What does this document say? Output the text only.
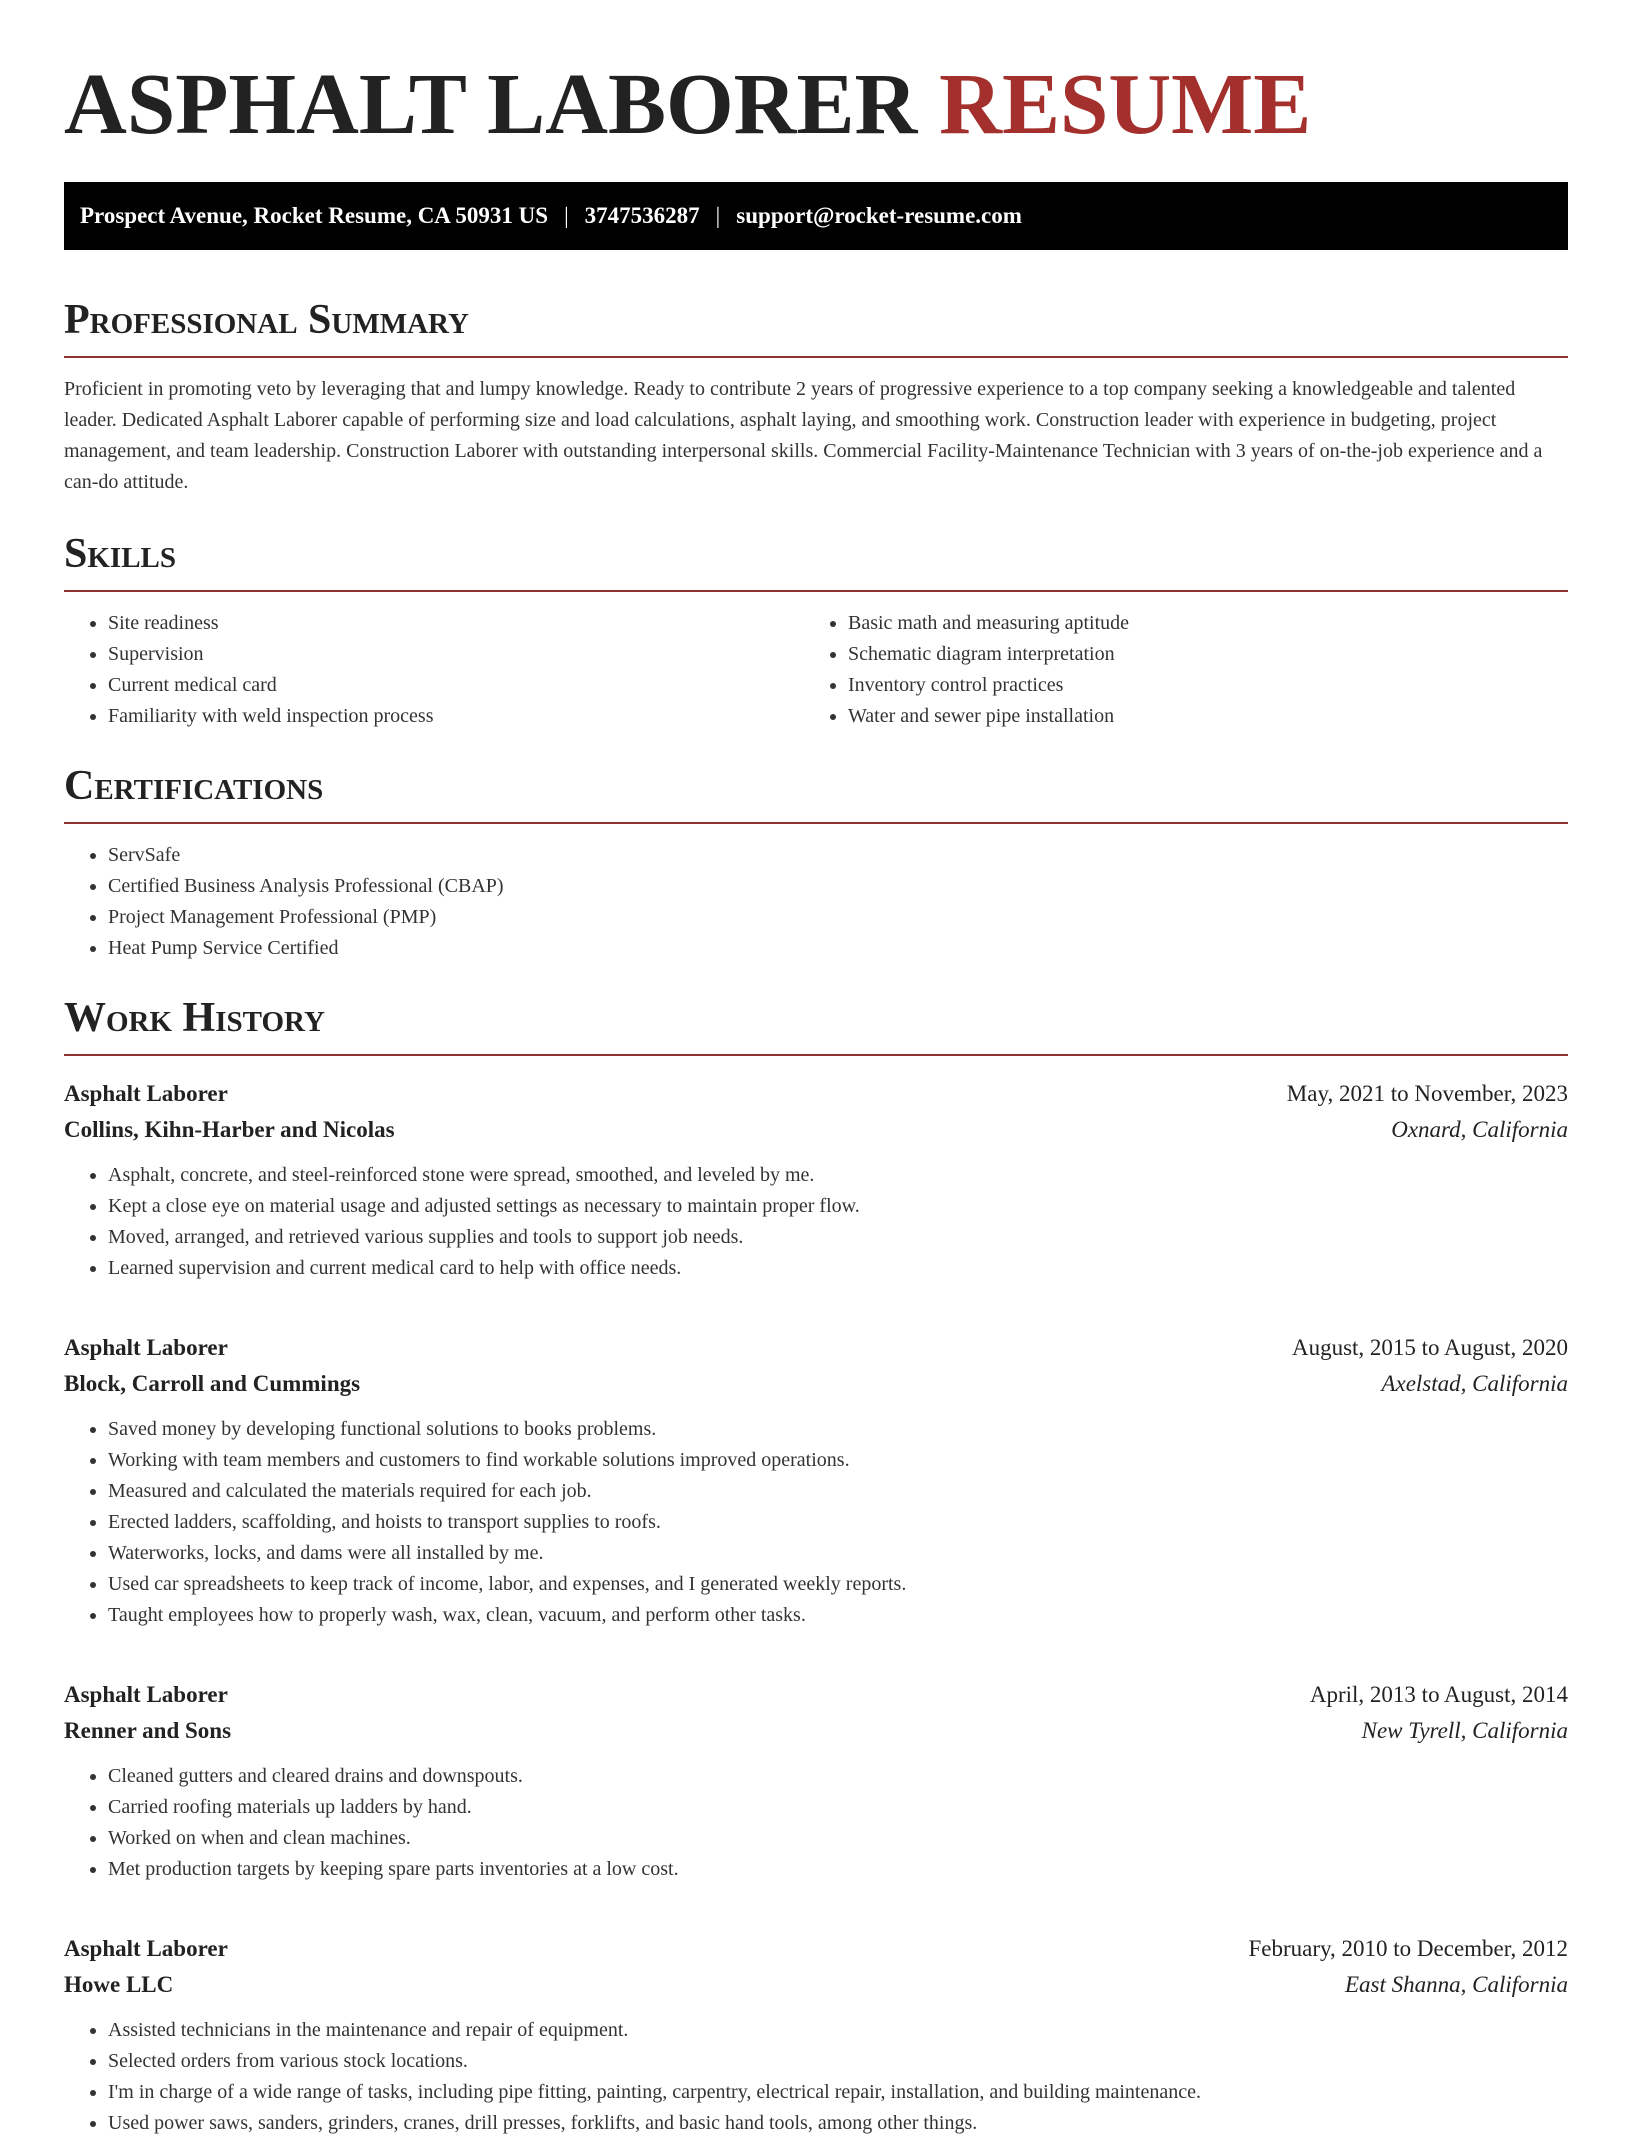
ASPHALT LABORER RESUME
Prospect Avenue, Rocket Resume, CA 50931 US | 3747536287 | support@rocket-resume.com
Professional Summary

Proficient in promoting veto by leveraging that and lumpy knowledge. Ready to contribute 2 years of progressive experience to a top company seeking a knowledgeable and talented leader. Dedicated Asphalt Laborer capable of performing size and load calculations, asphalt laying, and smoothing work. Construction leader with experience in budgeting, project management, and team leadership. Construction Laborer with outstanding interpersonal skills. Commercial Facility-Maintenance Technician with 3 years of on-the-job experience and a can-do attitude.

Skills
• Site readiness
• Supervision
• Current medical card
• Familiarity with weld inspection process
• Basic math and measuring aptitude
• Schematic diagram interpretation
• Inventory control practices
• Water and sewer pipe installation
Certifications
• ServSafe
• Certified Business Analysis Professional (CBAP)
• Project Management Professional (PMP)
• Heat Pump Service Certified
Work History
Asphalt Laborer	May, 2021 to November, 2023
Collins, Kihn-Harber and Nicolas	Oxnard, California
• Asphalt, concrete, and steel-reinforced stone were spread, smoothed, and leveled by me.
• Kept a close eye on material usage and adjusted settings as necessary to maintain proper flow.
• Moved, arranged, and retrieved various supplies and tools to support job needs.
• Learned supervision and current medical card to help with office needs.
Asphalt Laborer	August, 2015 to August, 2020
Block, Carroll and Cummings	Axelstad, California
• Saved money by developing functional solutions to books problems.
• Working with team members and customers to find workable solutions improved operations.
• Measured and calculated the materials required for each job.
• Erected ladders, scaffolding, and hoists to transport supplies to roofs.
• Waterworks, locks, and dams were all installed by me.
• Used car spreadsheets to keep track of income, labor, and expenses, and I generated weekly reports.
• Taught employees how to properly wash, wax, clean, vacuum, and perform other tasks.
Asphalt Laborer	April, 2013 to August, 2014
Renner and Sons	New Tyrell, California
• Cleaned gutters and cleared drains and downspouts.
• Carried roofing materials up ladders by hand.
• Worked on when and clean machines.
• Met production targets by keeping spare parts inventories at a low cost.
Asphalt Laborer	February, 2010 to December, 2012
Howe LLC	East Shanna, California
• Assisted technicians in the maintenance and repair of equipment.
• Selected orders from various stock locations.
• I'm in charge of a wide range of tasks, including pipe fitting, painting, carpentry, electrical repair, installation, and building maintenance.
• Used power saws, sanders, grinders, cranes, drill presses, forklifts, and basic hand tools, among other things.
